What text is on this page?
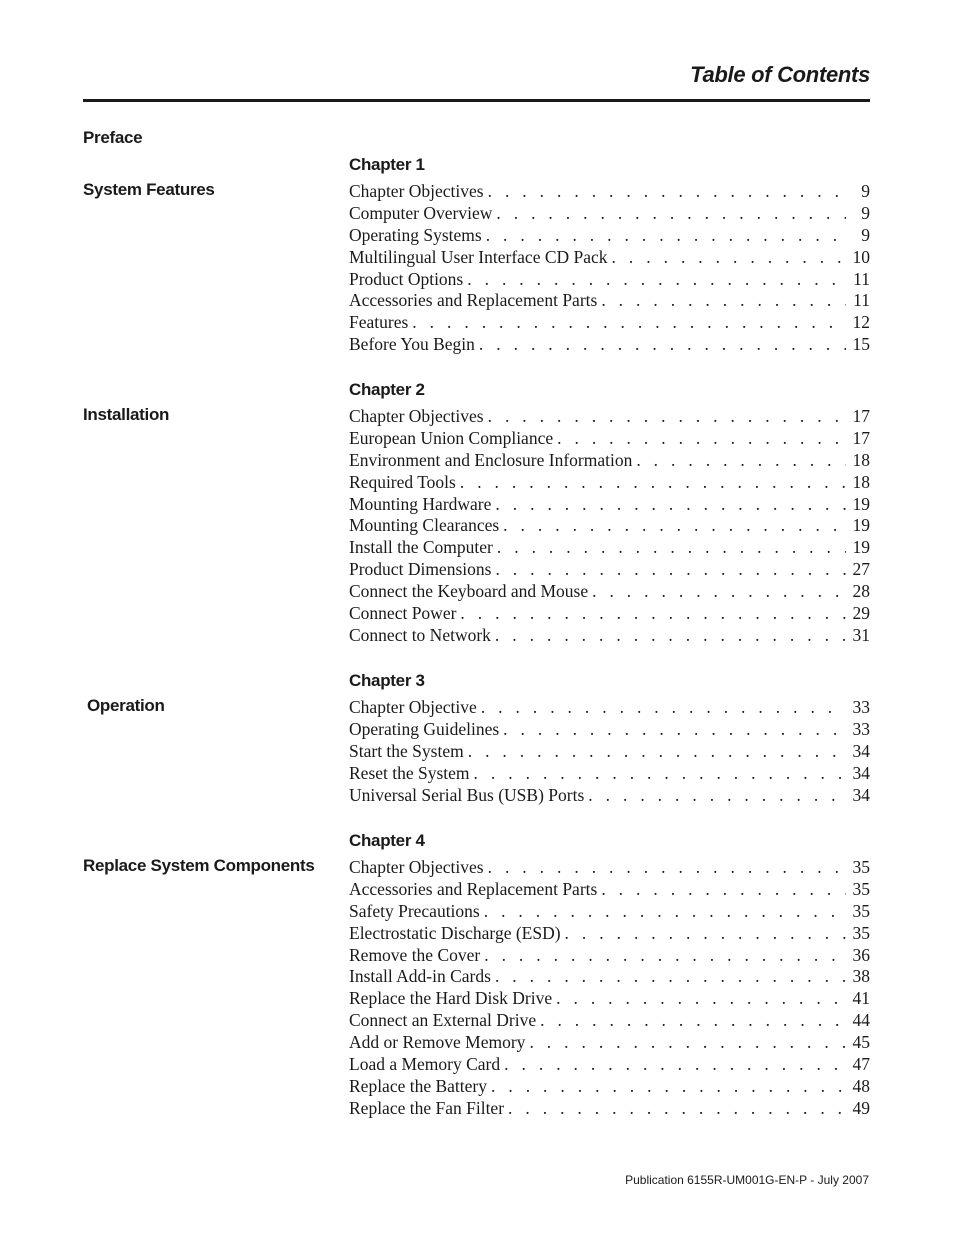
Table of Contents
Preface
Chapter 1
System Features	Chapter Objectives . . .	9
Computer Overview . . .	9
Operating Systems . . .	9
Multilingual User Interface CD Pack . . .	10
Product Options . . .	11
Accessories and Replacement Parts . . .	11
Features . . .	12
Before You Begin . . .	15
Chapter 2
Installation	Chapter Objectives . . .	17
European Union Compliance . . .	17
Environment and Enclosure Information . . .	18
Required Tools . . .	18
Mounting Hardware . . .	19
Mounting Clearances . . .	19
Install the Computer . . .	19
Product Dimensions . . .	27
Connect the Keyboard and Mouse . . .	28
Connect Power . . .	29
Connect to Network . . .	31
Chapter 3
Operation	Chapter Objective . . .	33
Operating Guidelines . . .	33
Start the System . . .	34
Reset the System . . .	34
Universal Serial Bus (USB) Ports . . .	34
Chapter 4
Replace System Components Chapter Objectives . . .	35
Accessories and Replacement Parts . . .	35
Safety Precautions . . .	35
Electrostatic Discharge (ESD) . . .	35
Remove the Cover . . .	36
Install Add-in Cards . . .	38
Replace the Hard Disk Drive . . .	41
Connect an External Drive . . .	44
Add or Remove Memory . . .	45
Load a Memory Card . . .	47
Replace the Battery . . .	48
Replace the Fan Filter . . .	49
Publication 6155R-UM001G-EN-P - July 2007
